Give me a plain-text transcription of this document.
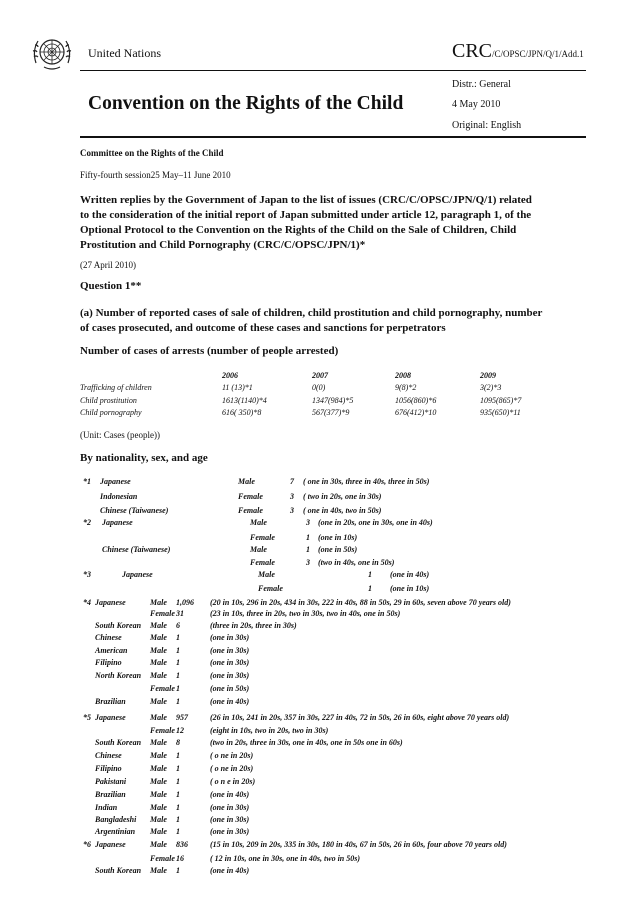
United Nations	CRC/C/OPSC/JPN/Q/1/Add.1
Convention on the Rights of the Child
Distr.: General
4 May 2010
Original: English
Committee on the Rights of the Child
Fifty-fourth session25 May–11 June 2010
Written replies by the Government of Japan to the list of issues (CRC/C/OPSC/JPN/Q/1) related
to the consideration of the initial report of Japan submitted under article 12, paragraph 1, of the
Optional Protocol to the Convention on the Rights of the Child on the Sale of Children, Child
Prostitution and Child Pornography (CRC/C/OPSC/JPN/1)*
(27 April 2010)
Question 1**
(a) Number of reported cases of sale of children, child prostitution and child pornography, number
of cases prosecuted, and outcome of these cases and sanctions for perpetrators
Number of cases of arrests (number of people arrested)
2006	2007	2008	2009
Trafficking of children	11 (13)*1	0(0)	9(8)*2	3(2)*3
Child prostitution	1613(1140)*4	1347(984)*5	1056(860)*6	1095(865)*7
Child pornography	616( 350)*8	567(377)*9	676(412)*10	935(650)*11
(Unit: Cases (people))
By nationality, sex, and age
*1 Japanese	Male	7 ( one in 30s, three in 40s, three in 50s)
Indonesian	Female	3 ( two in 20s, one in 30s)
Chinese (Taiwanese)	Female	3 ( one in 40s, two in 50s)
*2 Japanese	Male	3 (one in 20s, one in 30s, one in 40s)
Female	1 (one in 10s)
Chinese (Taiwanese)	Male	1 (one in 50s)
Female	3 (two in 40s, one in 50s)
*3	Japanese	Male	1 (one in 40s)
Female	1 (one in 10s)
*4 Japanese	Male 1,096 (20 in 10s, 296 in 20s, 434 in 30s, 222 in 40s, 88 in 50s, 29 in 60s, seven above 70 years old)
Female 31	(23 in 10s, three in 20s, two in 30s, two in 40s, one in 50s)
South Korean Male 6	(three in 20s, three in 30s)
Chinese	Male 1	(one in 30s)
American	Male 1	(one in 30s)
Filipino	Male 1	(one in 30s)
North Korean Male 1	(one in 30s)
Female 1	(one in 50s)
Brazilian	Male 1	(one in 40s)
*5 Japanese	Male 957	(26 in 10s, 241 in 20s, 357 in 30s, 227 in 40s, 72 in 50s, 26 in 60s, eight above 70 years old)
Female 12	(eight in 10s, two in 20s, two in 30s)
South Korean Male 8	(two in 20s, three in 30s, one in 40s, one in 50s one in 60s)
Chinese	Male 1	( o ne in 20s)
Filipino	Male 1	( o ne in 20s)
Pakistani	Male 1	( o n e in 20s)
Brazilian	Male 1	(one in 40s)
Indian	Male 1	(one in 30s)
Bangladeshi Male 1	(one in 30s)
Argentinian Male 1	(one in 30s)
*6 Japanese	Male 836	(15 in 10s, 209 in 20s, 335 in 30s, 180 in 40s, 67 in 50s, 26 in 60s, four above 70 years old)
Female 16	( 12 in 10s, one in 30s, one in 40s, two in 50s)
South Korean Male 1	(one in 40s)
